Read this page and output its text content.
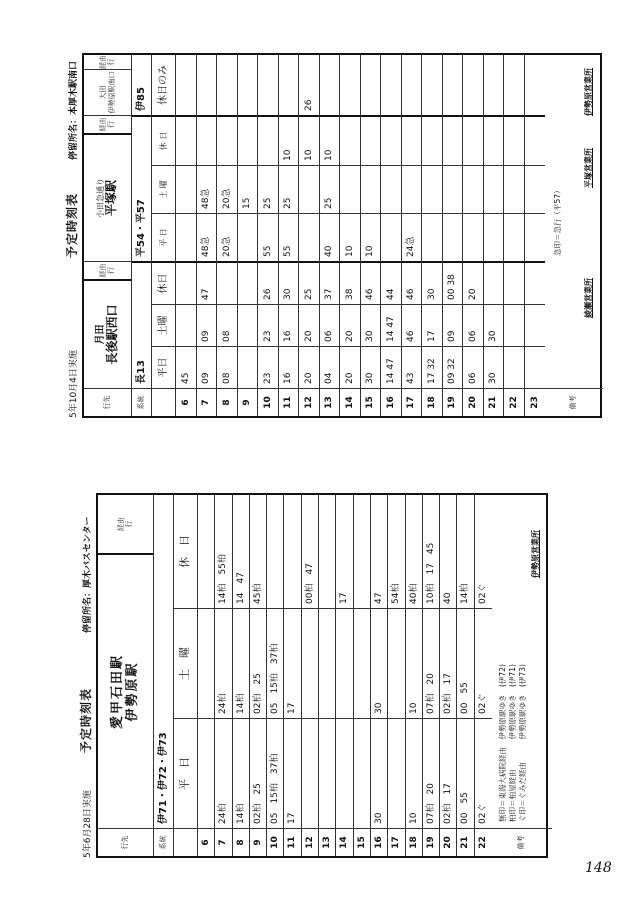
5年6月28日実施
予定時刻表
停留所名：厚木バスセンター
行先
愛甲石田駅 伊勢原駅
経由 行
系統
伊71・伊72・伊73 平　日
土　曜
休　日
6 7
24柏
24柏
14柏　55柏
8
14柏
14柏
14　47
9
02柏　25
02柏　25
45柏
10
05　15柏　37柏
05　15柏　37柏
11
17
17
12
00柏　47
13 14
17
15 16
30
30
47
17
54柏
18
10
10
40柏
19
07柏　20
07柏　20
10柏　17　45
20
02柏　17
02柏　17
40
21
00　55
00　55
14柏
22
02ぐ
02ぐ
02ぐ
備考
無印＝東海大病院経由　伊勢原駅ゆき　(伊72) 柏印＝柏屋経由　　　　伊勢原駅ゆき　(伊71) ぐ印＝ぐみだ経由　　　伊勢原駅ゆき　(伊73)
伊勢原営業所
5年10月4日実施
予定時刻表
停留所名：本厚木駅南口
行先
月田 長後駅西口
経由 行
小田急通り 平塚駅
経由 行
大田 伊勢原駅南口
経由 行
系統
長13
平54・平57
伊85
平日
土曜
休日
平 日
土 曜
休 日
休日のみ
6
45
7
09
09
47
48急
48急
8
08
08
20急
20急
9
15
10
23
23
26
55
25
11
16
16
30
55
25
10
12
20
20
25
10
26
13
04
06
37
40
25
10
14
20
20
38
10
15
30
30
46
10
16
14 47
14 47
44
17
43
46
46
24急
18
17 32
17
30
19
09 32
09
00 38
20
06
06
20
21
30
30
22	23	備考
急印＝急行（平57）
綾瀬営業所
平塚営業所
伊勢原営業所
148
